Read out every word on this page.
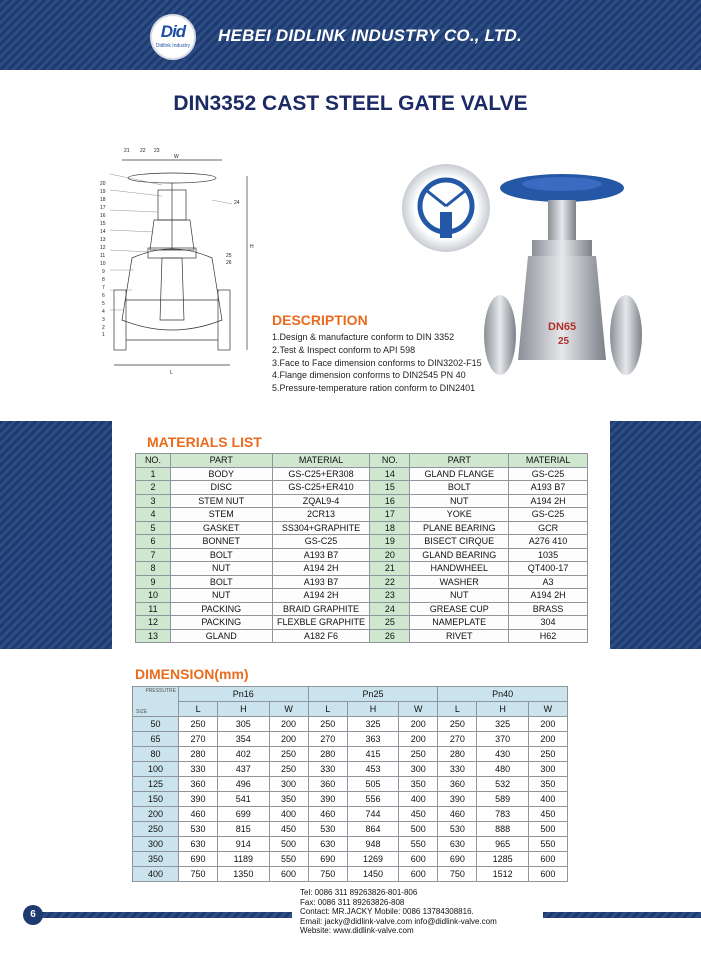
Did
Didlink Industry
HEBEI DIDLINK INDUSTRY CO., LTD.
DIN3352 CAST STEEL GATE VALVE
1
2
3
4
5
6
7
8
9
10
11
12
13
14
15
16
17
18
19
20
21 22 23
24
25
26
W
H
L
DN65
25
DESCRIPTION
1.Design & manufacture conform to DIN 3352
2.Test & Inspect conform to API 598
3.Face to Face dimension conforms to DIN3202-F15
4.Flange dimension conforms to DIN2545 PN 40
5.Pressure-temperature ration conform to DIN2401
MATERIALS LIST
NO.	PART	MATERIAL	NO.	PART	MATERIAL
1	BODY	GS-C25+ER308	14	GLAND FLANGE	GS-C25
2	DISC	GS-C25+ER410	15	BOLT	A193 B7
3	STEM NUT	ZQAL9-4	16	NUT	A194 2H
4	STEM	2CR13	17	YOKE	GS-C25
5	GASKET	SS304+GRAPHITE	18	PLANE BEARING	GCR
6	BONNET	GS-C25	19	BISECT CIRQUE	A276 410
7	BOLT	A193 B7	20	GLAND BEARING	1035
8	NUT	A194 2H	21	HANDWHEEL	QT400-17
9	BOLT	A193 B7	22	WASHER	A3
10	NUT	A194 2H	23	NUT	A194 2H
11	PACKING	BRAID GRAPHITE	24	GREASE CUP	BRASS
12	PACKING	FLEXBLE GRAPHITE	25	NAMEPLATE	304
13	GLAND	A182 F6	26	RIVET	H62
DIMENSION(mm)
PRESSUTRE
SIZE	Pn16			Pn25			Pn40		
	L	H	W	L	H	W	L	H	W
50	250	305	200	250	325	200	250	325	200
65	270	354	200	270	363	200	270	370	200
80	280	402	250	280	415	250	280	430	250
100	330	437	250	330	453	300	330	480	300
125	360	496	300	360	505	350	360	532	350
150	390	541	350	390	556	400	390	589	400
200	460	699	400	460	744	450	460	783	450
250	530	815	450	530	864	500	530	888	500
300	630	914	500	630	948	550	630	965	550
350	690	1189	550	690	1269	600	690	1285	600
400	750	1350	600	750	1450	600	750	1512	600
6
Tel: 0086 311 89263826-801-806
Fax: 0086 311 89263826-808
Contact: MR.JACKY Mobile: 0086 13784308816.
Email: jacky@didlink-valve.com info@didlink-valve.com
Website: www.didlink-valve.com
